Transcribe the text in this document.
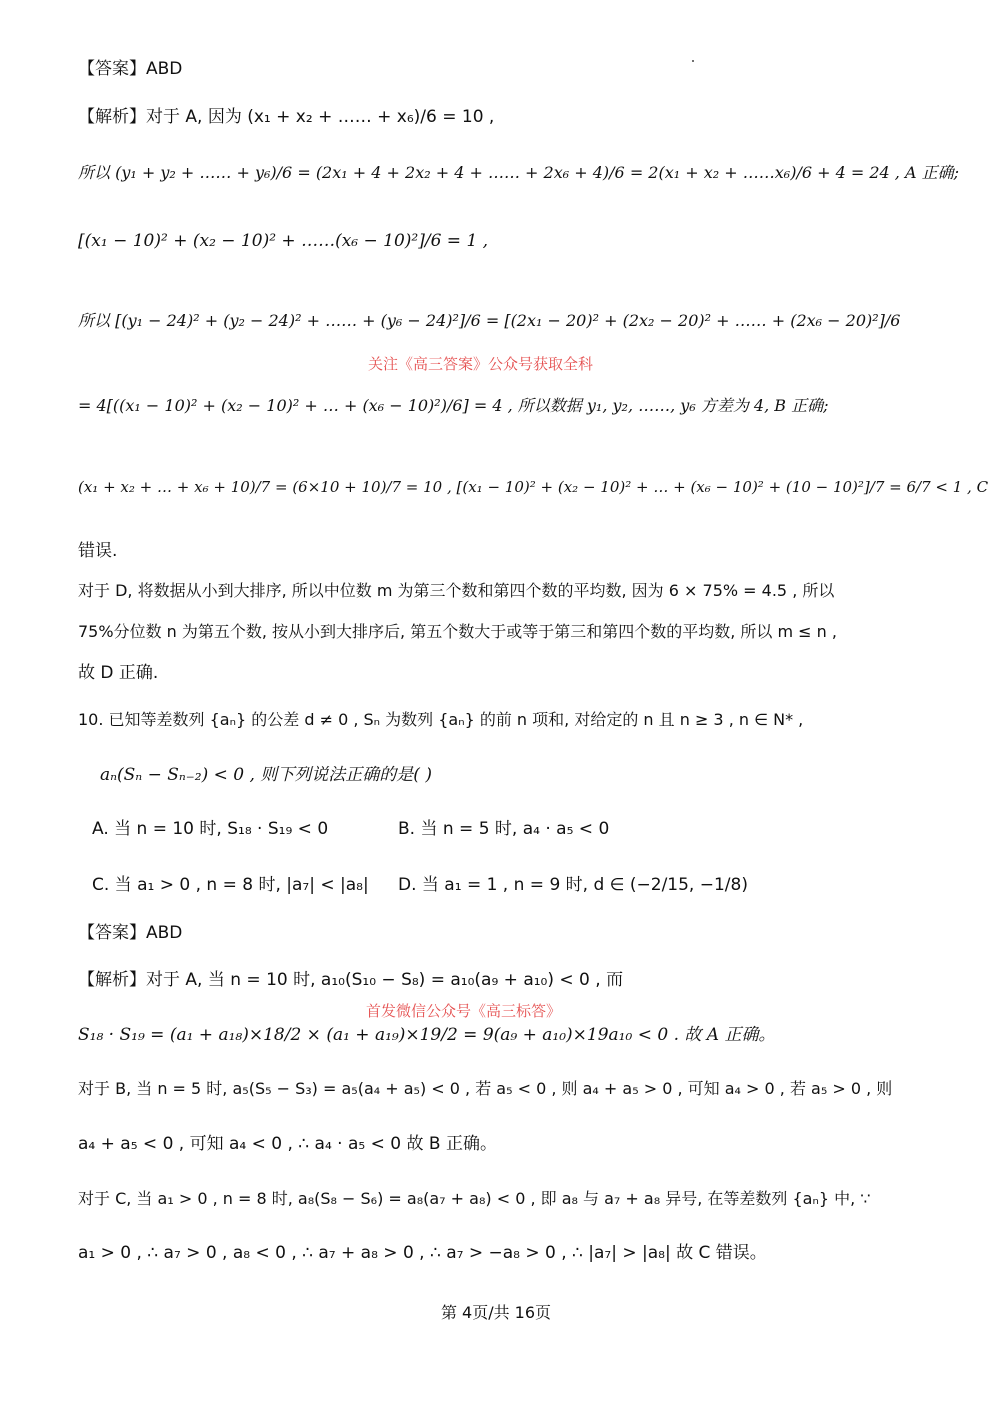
【答案】ABD
【解析】对于 A, 因为 (x₁ + x₂ + …… + x₆)/6 = 10 ,
所以 (y₁ + y₂ + …… + y₆)/6 = (2x₁ + 4 + 2x₂ + 4 + …… + 2x₆ + 4)/6 = 2(x₁ + x₂ + ……x₆)/6 + 4 = 24 , A 正确;
[(x₁ − 10)² + (x₂ − 10)² + ……(x₆ − 10)²]/6 = 1 ,
所以 [(y₁ − 24)² + (y₂ − 24)² + …… + (y₆ − 24)²]/6 = [(2x₁ − 20)² + (2x₂ − 20)² + …… + (2x₆ − 20)²]/6
关注《高三答案》公众号获取全科
= 4[((x₁ − 10)² + (x₂ − 10)² + … + (x₆ − 10)²)/6] = 4 , 所以数据 y₁, y₂, ……, y₆ 方差为 4, B 正确;
(x₁ + x₂ + … + x₆ + 10)/7 = (6×10 + 10)/7 = 10 , [(x₁ − 10)² + (x₂ − 10)² + … + (x₆ − 10)² + (10 − 10)²]/7 = 6/7 < 1 , C
错误.
对于 D, 将数据从小到大排序, 所以中位数 m 为第三个数和第四个数的平均数, 因为 6 × 75% = 4.5 , 所以
75%分位数 n 为第五个数, 按从小到大排序后, 第五个数大于或等于第三和第四个数的平均数, 所以 m ≤ n ,
故 D 正确.
10. 已知等差数列 {aₙ} 的公差 d ≠ 0 , Sₙ 为数列 {aₙ} 的前 n 项和, 对给定的 n 且 n ≥ 3 , n ∈ N* ,
aₙ(Sₙ − Sₙ₋₂) < 0 , 则下列说法正确的是( )
A. 当 n = 10 时, S₁₈ · S₁₉ < 0	B. 当 n = 5 时, a₄ · a₅ < 0
C. 当 a₁ > 0 , n = 8 时, |a₇| < |a₈| D. 当 a₁ = 1 , n = 9 时, d ∈ (−2/15, −1/8)
【答案】ABD
【解析】对于 A, 当 n = 10 时, a₁₀(S₁₀ − S₈) = a₁₀(a₉ + a₁₀) < 0 , 而
首发微信公众号《高三标答》
S₁₈ · S₁₉ = (a₁ + a₁₈)×18/2 × (a₁ + a₁₉)×19/2 = 9(a₉ + a₁₀)×19a₁₀ < 0 . 故 A 正确。
对于 B, 当 n = 5 时, a₅(S₅ − S₃) = a₅(a₄ + a₅) < 0 , 若 a₅ < 0 , 则 a₄ + a₅ > 0 , 可知 a₄ > 0 , 若 a₅ > 0 , 则
a₄ + a₅ < 0 , 可知 a₄ < 0 , ∴ a₄ · a₅ < 0 故 B 正确。
对于 C, 当 a₁ > 0 , n = 8 时, a₈(S₈ − S₆) = a₈(a₇ + a₈) < 0 , 即 a₈ 与 a₇ + a₈ 异号, 在等差数列 {aₙ} 中, ∵
a₁ > 0 , ∴ a₇ > 0 , a₈ < 0 , ∴ a₇ + a₈ > 0 , ∴ a₇ > −a₈ > 0 , ∴ |a₇| > |a₈| 故 C 错误。
第 4页/共 16页
